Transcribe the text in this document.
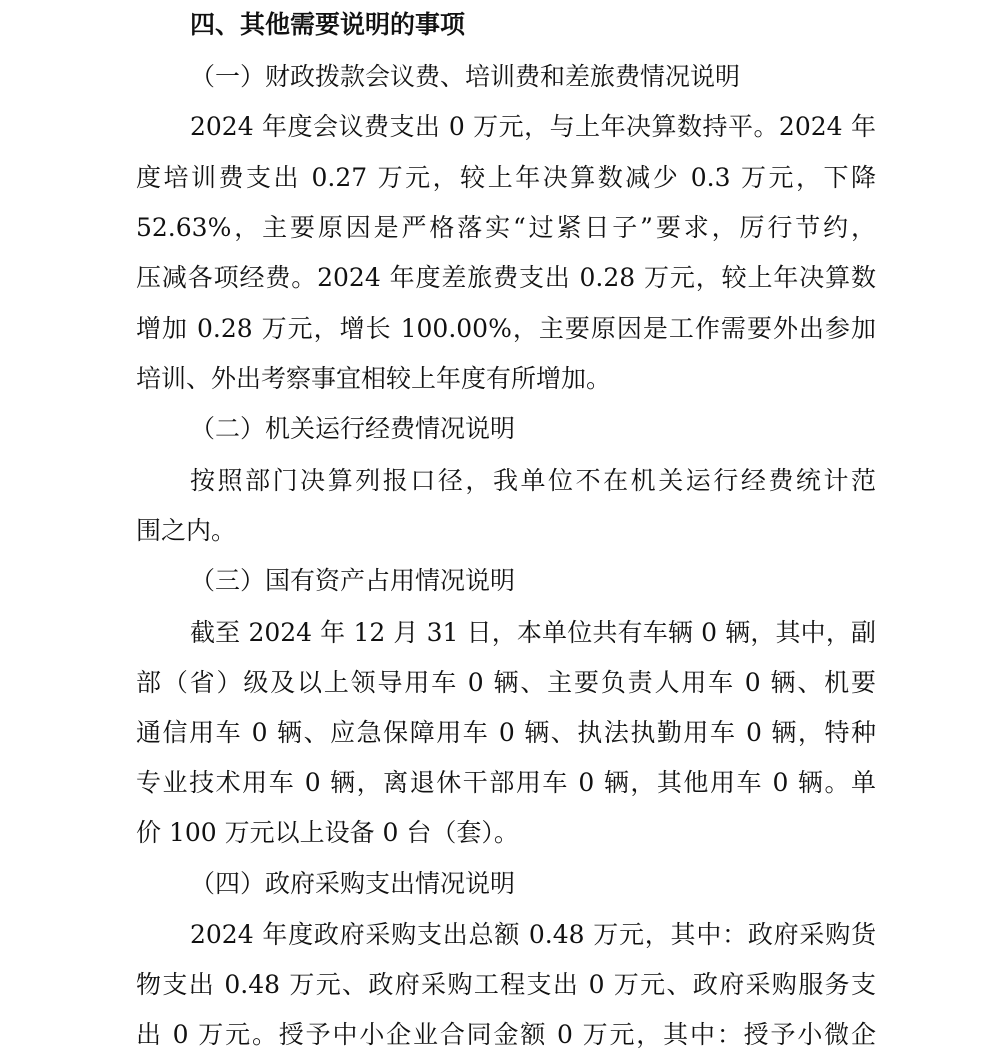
四、其他需要说明的事项
（一）财政拨款会议费、培训费和差旅费情况说明
2024 年度会议费支出 0 万元，与上年决算数持平。2024 年
度培训费支出 0.27 万元，较上年决算数减少 0.3 万元，下降
52.63%，主要原因是严格落实“过紧日子”要求，厉行节约，
压减各项经费。2024 年度差旅费支出 0.28 万元，较上年决算数
增加 0.28 万元，增长 100.00%，主要原因是工作需要外出参加
培训、外出考察事宜相较上年度有所增加。
（二）机关运行经费情况说明
按照部门决算列报口径，我单位不在机关运行经费统计范
围之内。
（三）国有资产占用情况说明
截至 2024 年 12 月 31 日，本单位共有车辆 0 辆，其中，副
部（省）级及以上领导用车 0 辆、主要负责人用车 0 辆、机要
通信用车 0 辆、应急保障用车 0 辆、执法执勤用车 0 辆，特种
专业技术用车 0 辆，离退休干部用车 0 辆，其他用车 0 辆。单
价 100 万元以上设备 0 台（套）。
（四）政府采购支出情况说明
2024 年度政府采购支出总额 0.48 万元，其中：政府采购货
物支出 0.48 万元、政府采购工程支出 0 万元、政府采购服务支
出 0 万元。授予中小企业合同金额 0 万元，其中：授予小微企
